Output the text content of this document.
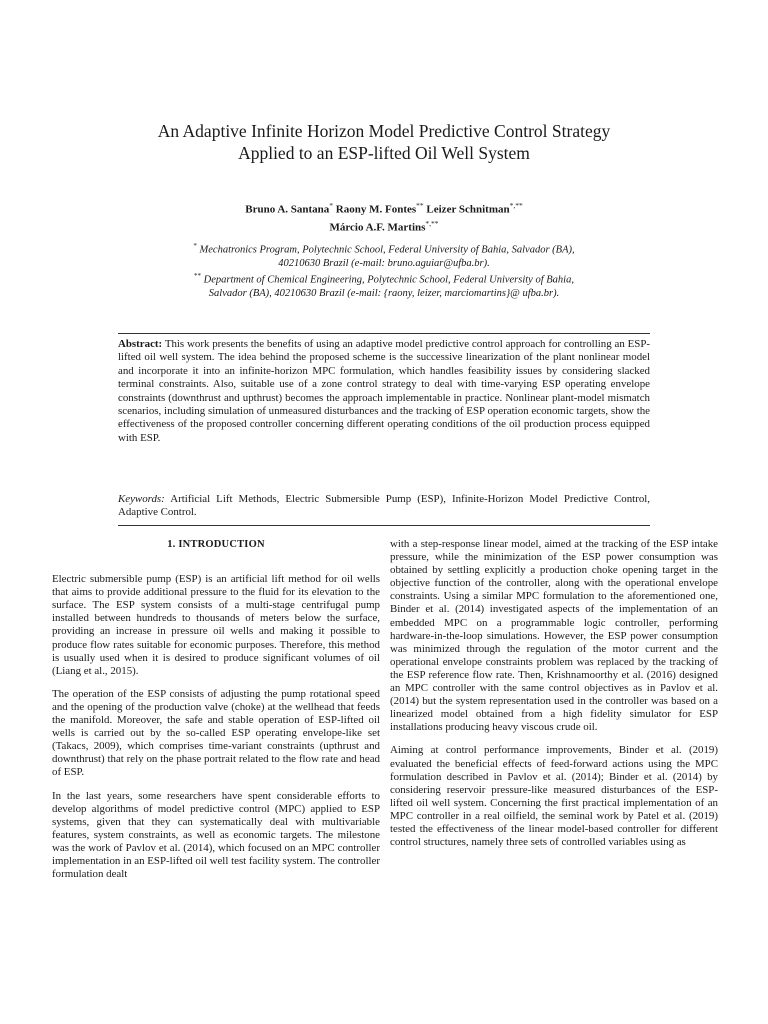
An Adaptive Infinite Horizon Model Predictive Control Strategy Applied to an ESP-lifted Oil Well System
Bruno A. Santana* Raony M. Fontes** Leizer Schnitman*,**
Márcio A.F. Martins*,**

* Mechatronics Program, Polytechnic School, Federal University of Bahia, Salvador (BA), 40210630 Brazil (e-mail: bruno.aguiar@ufba.br).

** Department of Chemical Engineering, Polytechnic School, Federal University of Bahia, Salvador (BA), 40210630 Brazil (e-mail: {raony, leizer, marciomartins}@ ufba.br).

Abstract: This work presents the benefits of using an adaptive model predictive control approach for controlling an ESP-lifted oil well system. The idea behind the proposed scheme is the successive linearization of the plant nonlinear model and incorporate it into an infinite-horizon MPC formulation, which handles feasibility issues by considering slacked terminal constraints. Also, suitable use of a zone control strategy to deal with time-varying ESP operating envelope constraints (downthrust and upthrust) becomes the approach implementable in practice. Nonlinear plant-model mismatch scenarios, including simulation of unmeasured disturbances and the tracking of ESP operation economic targets, show the effectiveness of the proposed controller concerning different operating conditions of the oil production process equipped with ESP.

Keywords: Artificial Lift Methods, Electric Submersible Pump (ESP), Infinite-Horizon Model Predictive Control, Adaptive Control.

1. INTRODUCTION

Electric submersible pump (ESP) is an artificial lift method for oil wells that aims to provide additional pressure to the fluid for its elevation to the surface. The ESP system consists of a multi-stage centrifugal pump installed between hundreds to thousands of meters below the surface, providing an increase in pressure oil wells and making it possible to produce flow rates suitable for economic purposes. Therefore, this method is usually used when it is desired to produce significant volumes of oil (Liang et al., 2015).

The operation of the ESP consists of adjusting the pump rotational speed and the opening of the production valve (choke) at the wellhead that feeds the manifold. Moreover, the safe and stable operation of ESP-lifted oil wells is carried out by the so-called ESP operating envelope-like set (Takacs, 2009), which comprises time-variant constraints (upthrust and downthrust) that rely on the phase portrait related to the flow rate and head of ESP.

In the last years, some researchers have spent considerable efforts to develop algorithms of model predictive control (MPC) applied to ESP systems, given that they can systematically deal with multivariable features, system constraints, as well as economic targets. The milestone was the work of Pavlov et al. (2014), which focused on an MPC controller implementation in an ESP-lifted oil well test facility system. The controller formulation dealt

with a step-response linear model, aimed at the tracking of the ESP intake pressure, while the minimization of the ESP power consumption was obtained by settling explicitly a production choke opening target in the objective function of the controller, along with the operational envelope constraints. Using a similar MPC formulation to the aforementioned one, Binder et al. (2014) investigated aspects of the implementation of an embedded MPC on a programmable logic controller, performing hardware-in-the-loop simulations. However, the ESP power consumption was minimized through the regulation of the motor current and the operational envelope constraints problem was replaced by the tracking of the ESP reference flow rate. Then, Krishnamoorthy et al. (2016) designed an MPC controller with the same control objectives as in Pavlov et al. (2014) but the system representation used in the controller was based on a linearized model obtained from a high fidelity simulator for ESP installations producing heavy viscous crude oil.

Aiming at control performance improvements, Binder et al. (2019) evaluated the beneficial effects of feed-forward actions using the MPC formulation described in Pavlov et al. (2014); Binder et al. (2014) by considering reservoir pressure-like measured disturbances of the ESP-lifted oil well system. Concerning the first practical implementation of an MPC controller in a real oilfield, the seminal work by Patel et al. (2019) tested the effectiveness of the linear model-based controller for different control structures, namely three sets of controlled variables using as
